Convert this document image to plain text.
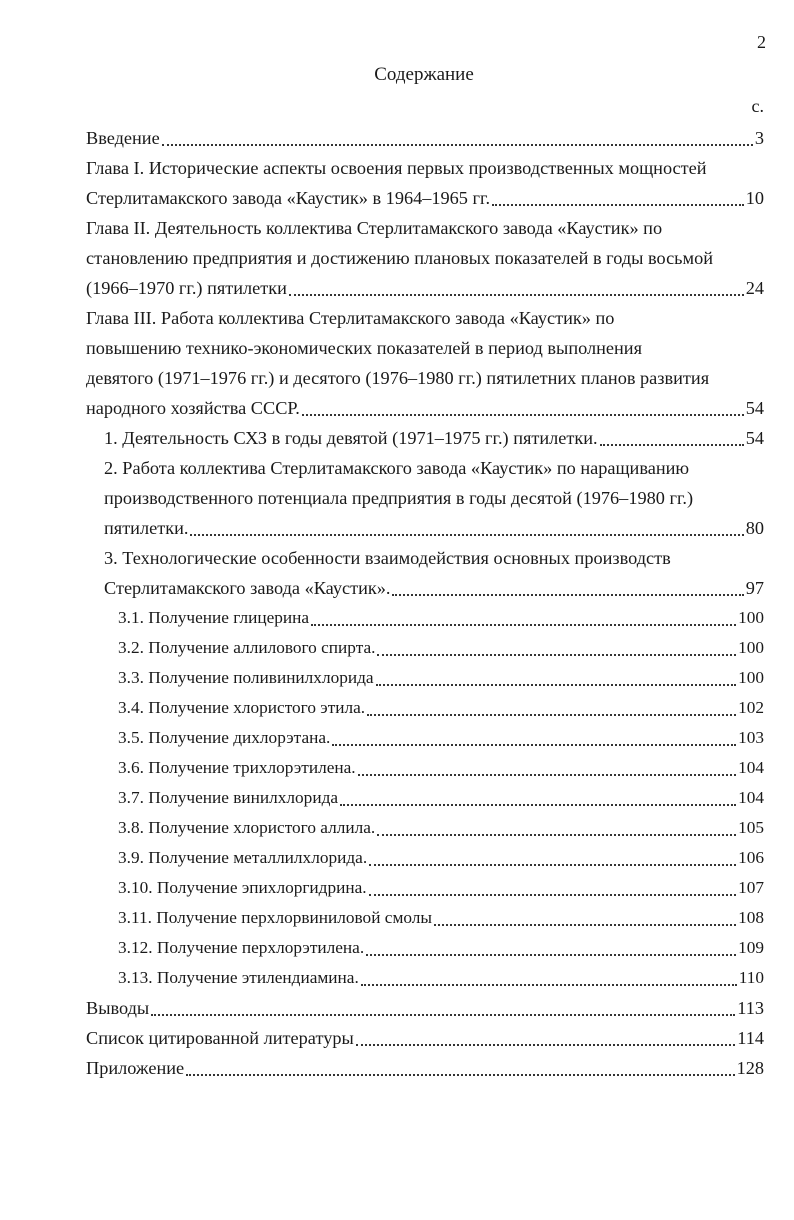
2
Содержание
с.
Введение	3
Глава I. Исторические аспекты освоения первых производственных мощностей
Стерлитамакского завода «Каустик» в 1964–1965 гг.	10
Глава II. Деятельность коллектива Стерлитамакского завода «Каустик» по
становлению предприятия и достижению плановых показателей в годы восьмой
(1966–1970 гг.) пятилетки	24
Глава III. Работа коллектива Стерлитамакского завода «Каустик» по
повышению технико-экономических показателей в период выполнения
девятого (1971–1976 гг.) и десятого (1976–1980 гг.) пятилетних планов развития
народного хозяйства СССР.	54
1. Деятельность СХЗ в годы девятой (1971–1975 гг.) пятилетки.	54
2. Работа коллектива Стерлитамакского завода «Каустик» по наращиванию
производственного потенциала предприятия в годы десятой (1976–1980 гг.)
пятилетки.	80
3. Технологические особенности взаимодействия основных производств
Стерлитамакского завода «Каустик».	97
3.1. Получение глицерина	100
3.2. Получение аллилового спирта.	100
3.3. Получение поливинилхлорида	100
3.4. Получение хлористого этила.	102
3.5. Получение дихлорэтана.	103
3.6. Получение трихлорэтилена.	104
3.7. Получение винилхлорида	104
3.8. Получение хлористого аллила.	105
3.9. Получение металлилхлорида.	106
3.10. Получение эпихлоргидрина.	107
3.11. Получение перхлорвиниловой смолы	108
3.12. Получение перхлорэтилена.	109
3.13. Получение этилендиамина.	110
Выводы	113
Список цитированной литературы	114
Приложение	128
